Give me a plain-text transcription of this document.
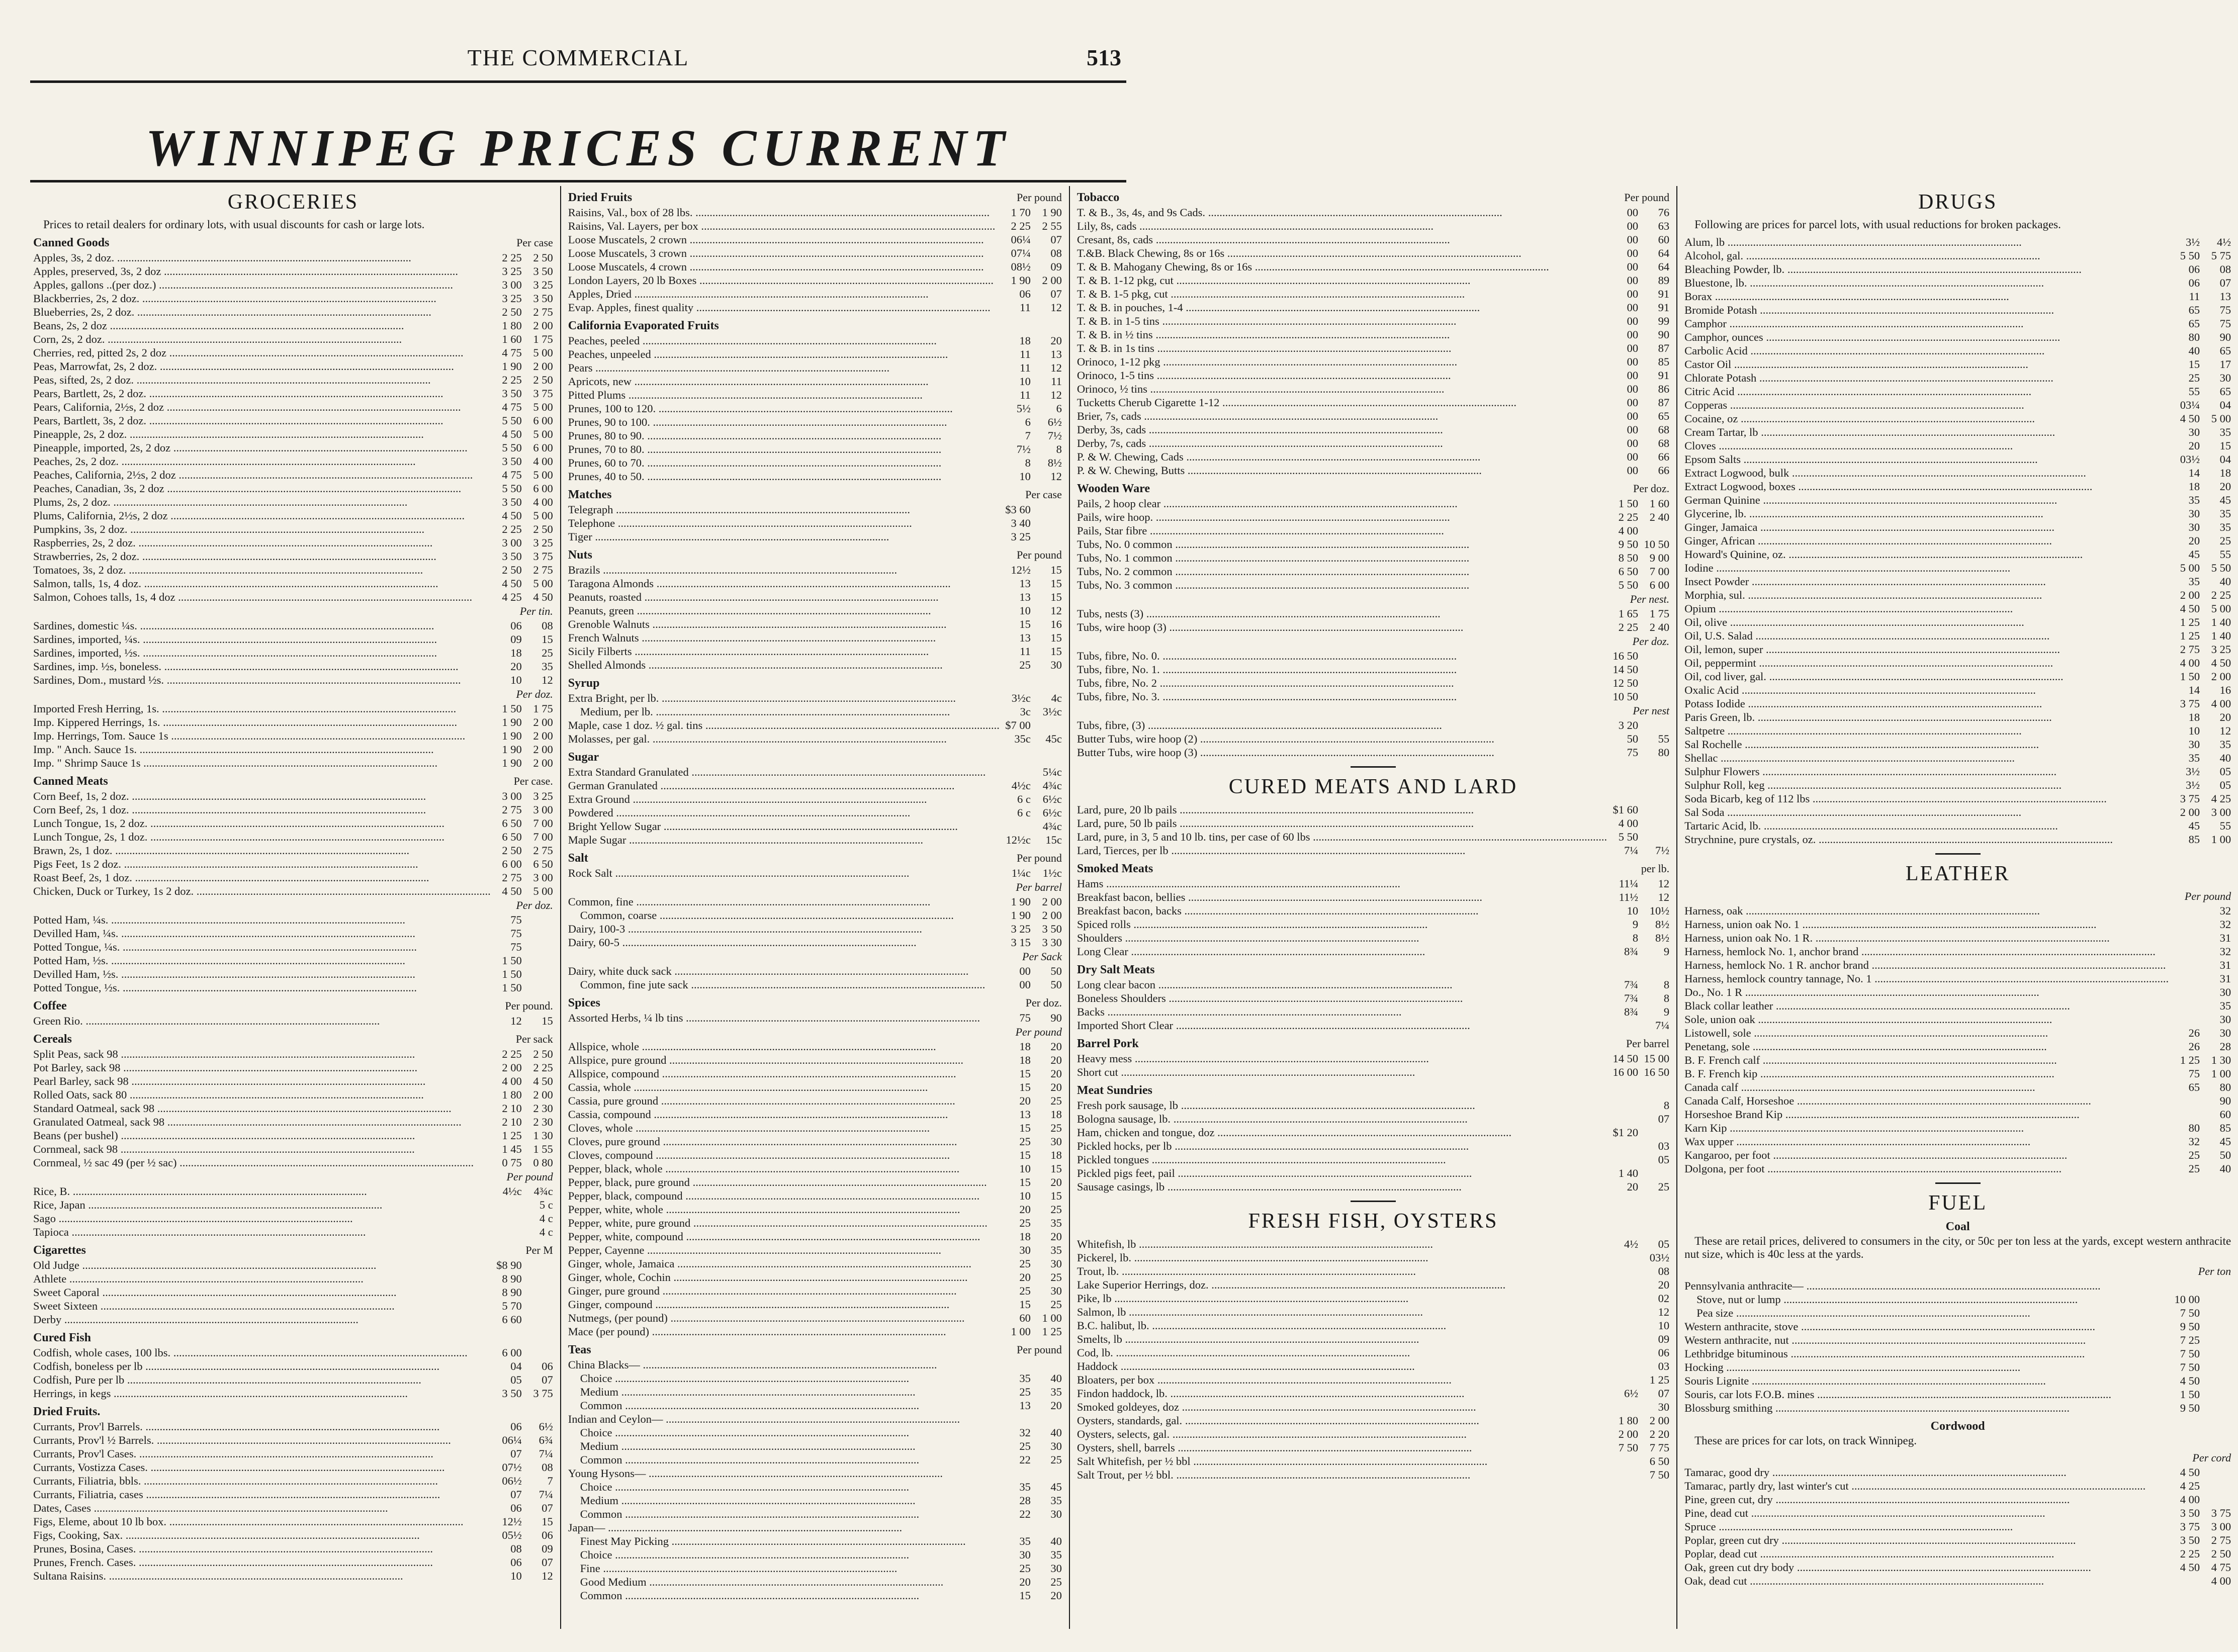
THE COMMERCIAL	513
WINNIPEG PRICES CURRENT
GROCERIES

Prices to retail dealers for ordinary lots, with usual discounts for cash or large lots.

Canned Goods	Per case
Apples, 3s, 2 doz. .....	2 25	2 50
Apples, preserved, 3s, 2 doz .....	3 25	3 50
Apples, gallons ..(per doz.) .....	3 00	3 25
Blackberries, 2s, 2 doz. .....	3 25	3 50
Blueberries, 2s, 2 doz. .....	2 50	2 75
Beans, 2s, 2 doz .....	1 80	2 00
Corn, 2s, 2 doz. .....	1 60	1 75
Cherries, red, pitted 2s, 2 doz .....	4 75	5 00
Peas, Marrowfat, 2s, 2 doz. .....	1 90	2 00
Peas, sifted, 2s, 2 doz. .....	2 25	2 50
Pears, Bartlett, 2s, 2 doz. .....	3 50	3 75
Pears, California, 2½s, 2 doz .....	4 75	5 00
Pears, Bartlett, 3s, 2 doz. .....	5 50	6 00
Pineapple, 2s, 2 doz. .....	4 50	5 00
Pineapple, imported, 2s, 2 doz .....	5 50	6 00
Peaches, 2s, 2 doz. .....	3 50	4 00
Peaches, California, 2½s, 2 doz .....	4 75	5 00
Peaches, Canadian, 3s, 2 doz .....	5 50	6 00
Plums, 2s, 2 doz. .....	3 50	4 00
Plums, California, 2½s, 2 doz .....	4 50	5 00
Pumpkins, 3s, 2 doz. .....	2 25	2 50
Raspberries, 2s, 2 doz. .....	3 00	3 25
Strawberries, 2s, 2 doz. .....	3 50	3 75
Tomatoes, 3s, 2 doz. .....	2 50	2 75
Salmon, talls, 1s, 4 doz. .....	4 50	5 00
Salmon, Cohoes talls, 1s, 4 doz .....	4 25	4 50
Per tin.
Sardines, domestic ¼s. .....	06	08
Sardines, imported, ¼s. .....	09	15
Sardines, imported, ½s. .....	18	25
Sardines, imp. ½s, boneless. .....	20	35
Sardines, Dom., mustard ½s. .....	10	12
Per doz.
Imported Fresh Herring, 1s. .....	1 50	1 75
Imp. Kippered Herrings, 1s. .....	1 90	2 00
Imp. Herrings, Tom. Sauce 1s .....	1 90	2 00
Imp. " Anch. Sauce 1s. .....	1 90	2 00
Imp. " Shrimp Sauce 1s .....	1 90	2 00
Canned Meats	Per case.
Corn Beef, 1s, 2 doz. .....	3 00	3 25
Corn Beef, 2s, 1 doz. .....	2 75	3 00
Lunch Tongue, 1s, 2 doz. .....	6 50	7 00
Lunch Tongue, 2s, 1 doz. .....	6 50	7 00
Brawn, 2s, 1 doz. .....	2 50	2 75
Pigs Feet, 1s 2 doz. .....	6 00	6 50
Roast Beef, 2s, 1 doz. .....	2 75	3 00
Chicken, Duck or Turkey, 1s 2 doz. .....	4 50	5 00
Per doz.
Potted Ham, ¼s. .....	75
Devilled Ham, ¼s. .....	75
Potted Tongue, ¼s. .....	75
Potted Ham, ½s. .....	1 50
Devilled Ham, ½s. .....	1 50
Potted Tongue, ½s. .....	1 50
Coffee	Per pound.
Green Rio. .....	12	15
Cereals	Per sack
Split Peas, sack 98 .....	2 25	2 50
Pot Barley, sack 98 .....	2 00	2 25
Pearl Barley, sack 98 .....	4 00	4 50
Rolled Oats, sack 80 .....	1 80	2 00
Standard Oatmeal, sack 98 .....	2 10	2 30
Granulated Oatmeal, sack 98 .....	2 10	2 30
Beans (per bushel) .....	1 25	1 30
Cornmeal, sack 98 .....	1 45	1 55
Cornmeal, ½ sac 49 (per ½ sac) .....	0 75	0 80
Per pound
Rice, B. .....	4½c	4¾c
Rice, Japan .....	5 c
Sago .....	4 c
Tapioca .....	4 c
Cigarettes	Per M
Old Judge .....	$8 90
Athlete .....	8 90
Sweet Caporal .....	8 90
Sweet Sixteen .....	5 70
Derby .....	6 60
Cured Fish
Codfish, whole cases, 100 lbs. .....	6 00
Codfish, boneless per lb .....	04	06
Codfish, Pure per lb .....	05	07
Herrings, in kegs .....	3 50	3 75
Dried Fruits.
Currants, Prov'l Barrels. .....	06	6½
Currants, Prov'l ½ Barrels. .....	06¼	6¾
Currants, Prov'l Cases. .....	07	7¼
Currants, Vostizza Cases. .....	07½	08
Currants, Filiatria, bbls. .....	06½	7
Currants, Filiatria, cases .....	07	7¼
Dates, Cases .....	06	07
Figs, Eleme, about 10 lb box. .....	12½	15
Figs, Cooking, Sax. .....	05½	06
Prunes, Bosina, Cases. .....	08	09
Prunes, French. Cases. .....	06	07
Sultana Raisins. .....	10	12
Dried Fruits	Per pound
Raisins, Val., box of 28 lbs. .....	1 70	1 90
Raisins, Val. Layers, per box .....	2 25	2 55
Loose Muscatels, 2 crown .....	06¼	07
Loose Muscatels, 3 crown .....	07¼	08
Loose Muscatels, 4 crown .....	08½	09
London Layers, 20 lb Boxes .....	1 90	2 00
Apples, Dried .....	06	07
Evap. Apples, finest quality .....	11	12
California Evaporated Fruits
Peaches, peeled .....	18	20
Peaches, unpeeled .....	11	13
Pears .....	11	12
Apricots, new .....	10	11
Pitted Plums .....	11	12
Prunes, 100 to 120. .....	5½	6
Prunes, 90 to 100. .....	6	6½
Prunes, 80 to 90. .....	7	7½
Prunes, 70 to 80. .....	7½	8
Prunes, 60 to 70. .....	8	8½
Prunes, 40 to 50. .....	10	12
Matches	Per case
Telegraph .....	$3 60
Telephone .....	3 40
Tiger .....	3 25
Nuts	Per pound
Brazils .....	12½	15
Taragona Almonds .....	13	15
Peanuts, roasted .....	13	15
Peanuts, green .....	10	12
Grenoble Walnuts .....	15	16
French Walnuts .....	13	15
Sicily Filberts .....	11	15
Shelled Almonds .....	25	30
Syrup
Extra Bright, per lb. .....	3½c	4c
Medium, per lb. .....	3c	3½c
Maple, case 1 doz. ½ gal. tins .....	$7 00
Molasses, per gal. .....	35c	45c
Sugar
Extra Standard Granulated .....	5¼c
German Granulated .....	4½c	4¾c
Extra Ground .....	6 c	6½c
Powdered .....	6 c	6½c
Bright Yellow Sugar .....	4¾c
Maple Sugar .....	12½c	15c
Salt	Per pound
Rock Salt .....	1¼c	1½c
Per barrel
Common, fine .....	1 90	2 00
Common, coarse .....	1 90	2 00
Dairy, 100-3 .....	3 25	3 50
Dairy, 60-5 .....	3 15	3 30
Per Sack
Dairy, white duck sack .....	00	50
Common, fine jute sack .....	00	50
Spices	Per doz.
Assorted Herbs, ¼ lb tins .....	75	90
Per pound
Allspice, whole .....	18	20
Allspice, pure ground .....	18	20
Allspice, compound .....	15	20
Cassia, whole .....	15	20
Cassia, pure ground .....	20	25
Cassia, compound .....	13	18
Cloves, whole .....	15	25
Cloves, pure ground .....	25	30
Cloves, compound .....	15	18
Pepper, black, whole .....	10	15
Pepper, black, pure ground .....	15	20
Pepper, black, compound .....	10	15
Pepper, white, whole .....	20	25
Pepper, white, pure ground .....	25	35
Pepper, white, compound .....	18	20
Pepper, Cayenne .....	30	35
Ginger, whole, Jamaica .....	25	30
Ginger, whole, Cochin .....	20	25
Ginger, pure ground .....	25	30
Ginger, compound .....	15	25
Nutmegs, (per pound) .....	60	1 00
Mace (per pound) .....	1 00	1 25
Teas	Per pound
China Blacks— .....
Choice .....	35	40
Medium .....	25	35
Common .....	13	20
Indian and Ceylon— .....
Choice .....	32	40
Medium .....	25	30
Common .....	22	25
Young Hysons— .....
Choice .....	35	45
Medium .....	28	35
Common .....	22	30
Japan— .....
Finest May Picking .....	35	40
Choice .....	30	35
Fine .....	25	30
Good Medium .....	20	25
Common .....	15	20
Tobacco	Per pound
T. & B., 3s, 4s, and 9s Cads. .....	00	76
Lily, 8s, cads .....	00	63
Cresant, 8s, cads .....	00	60
T.&B. Black Chewing, 8s or 16s .....	00	64
T. & B. Mahogany Chewing, 8s or 16s .....	00	64
T. & B. 1-12 pkg, cut .....	00	89
T. & B. 1-5 pkg, cut .....	00	91
T. & B. in pouches, 1-4 .....	00	91
T. & B. in 1-5 tins .....	00	99
T. & B. in ½ tins .....	00	90
T. & B. in 1s tins .....	00	87
Orinoco, 1-12 pkg .....	00	85
Orinoco, 1-5 tins .....	00	91
Orinoco, ½ tins .....	00	86
Tucketts Cherub Cigarette 1-12 .....	00	87
Brier, 7s, cads .....	00	65
Derby, 3s, cads .....	00	68
Derby, 7s, cads .....	00	68
P. & W. Chewing, Cads .....	00	66
P. & W. Chewing, Butts .....	00	66
Wooden Ware	Per doz.
Pails, 2 hoop clear .....	1 50	1 60
Pails, wire hoop. .....	2 25	2 40
Pails, Star fibre .....	4 00
Tubs, No. 0 common .....	9 50 10 50
Tubs, No. 1 common .....	8 50	9 00
Tubs, No. 2 common .....	6 50	7 00
Tubs, No. 3 common .....	5 50	6 00
Per nest.
Tubs, nests (3) .....	1 65	1 75
Tubs, wire hoop (3) .....	2 25	2 40
Per doz.
Tubs, fibre, No. 0. .....	16 50
Tubs, fibre, No. 1. .....	14 50
Tubs, fibre, No. 2 .....	12 50
Tubs, fibre, No. 3. .....	10 50
Per nest
Tubs, fibre, (3) .....	3 20
Butter Tubs, wire hoop (2) .....	50	55
Butter Tubs, wire hoop (3) .....	75	80
CURED MEATS AND LARD
Lard, pure, 20 lb pails .....	$1 60
Lard, pure, 50 lb pails .....	4 00
Lard, pure, in 3, 5 and 10 lb. tins, per case of 60 lbs .....	5 50
Lard, Tierces, per lb .....	7¼	7½
Smoked Meats	per lb.
Hams .....	11¼	12
Breakfast bacon, bellies .....	11½	12
Breakfast bacon, backs .....	10	10½
Spiced rolls .....	9	8½
Shoulders .....	8	8½
Long Clear .....	8¾	9
Dry Salt Meats
Long clear bacon .....	7¾	8
Boneless Shoulders .....	7¾	8
Backs .....	8¾	9
Imported Short Clear .....	7¼
Barrel Pork	Per barrel
Heavy mess .....	14 50 15 00
Short cut .....	16 00 16 50
Meat Sundries
Fresh pork sausage, lb .....	8
Bologna sausage, lb. .....	07
Ham, chicken and tongue, doz .....	$1 20
Pickled hocks, per lb .....	03
Pickled tongues .....	05
Pickled pigs feet, pail .....	1 40
Sausage casings, lb .....	20	25
FRESH FISH, OYSTERS
Whitefish, lb .....	4½	05
Pickerel, lb. .....	03½
Trout, lb. .....	08
Lake Superior Herrings, doz. .....	20
Pike, lb .....	02
Salmon, lb .....	12
B.C. halibut, lb. .....	10
Smelts, lb .....	09
Cod, lb. .....	06
Haddock .....	03
Bloaters, per box .....	1 25
Findon haddock, lb. .....	6½	07
Smoked goldeyes, doz .....	30
Oysters, standards, gal. .....	1 80	2 00
Oysters, selects, gal. .....	2 00	2 20
Oysters, shell, barrels .....	7 50	7 75
Salt Whitefish, per ½ bbl .....	6 50
Salt Trout, per ½ bbl. .....	7 50
DRUGS

Following are prices for parcel lots, with usual reductions for broken packages.

Alum, lb .....	3½	4½
Alcohol, gal. .....	5 50	5 75
Bleaching Powder, lb. .....	06	08
Bluestone, lb. .....	06	07
Borax .....	11	13
Bromide Potash .....	65	75
Camphor .....	65	75
Camphor, ounces .....	80	90
Carbolic Acid .....	40	65
Castor Oil .....	15	17
Chlorate Potash .....	25	30
Citric Acid .....	55	65
Copperas .....	03¼	04
Cocaine, oz .....	4 50	5 00
Cream Tartar, lb .....	30	35
Cloves .....	20	15
Epsom Salts .....	03½	04
Extract Logwood, bulk .....	14	18
Extract Logwood, boxes .....	18	20
German Quinine .....	35	45
Glycerine, lb. .....	30	35
Ginger, Jamaica .....	30	35
Ginger, African .....	20	25
Howard's Quinine, oz. .....	45	55
Iodine .....	5 00	5 50
Insect Powder .....	35	40
Morphia, sul. .....	2 00	2 25
Opium .....	4 50	5 00
Oil, olive .....	1 25	1 40
Oil, U.S. Salad .....	1 25	1 40
Oil, lemon, super .....	2 75	3 25
Oil, peppermint .....	4 00	4 50
Oil, cod liver, gal. .....	1 50	2 00
Oxalic Acid .....	14	16
Potass Iodide .....	3 75	4 00
Paris Green, lb. .....	18	20
Saltpetre .....	10	12
Sal Rochelle .....	30	35
Shellac .....	35	40
Sulphur Flowers .....	3½	05
Sulphur Roll, keg .....	3½	05
Soda Bicarb, keg of 112 lbs .....	3 75	4 25
Sal Soda .....	2 00	3 00
Tartaric Acid, lb. .....	45	55
Strychnine, pure crystals, oz. .....	85	1 00
LEATHER
Per pound
Harness, oak .....	32
Harness, union oak No. 1 .....	32
Harness, union oak No. 1 R. .....	31
Harness, hemlock No. 1, anchor brand .....	32
Harness, hemlock No. 1 R. anchor brand .....	31
Harness, hemlock country tannage, No. 1 .....	31
Do., No. 1 R .....	30
Black collar leather .....	35
Sole, union oak .....	30
Listowell, sole .....	26	30
Penetang, sole .....	26	28
B. F. French calf .....	1 25	1 30
B. F. French kip .....	75	1 00
Canada calf .....	65	80
Canada Calf, Horseshoe .....	90
Horseshoe Brand Kip .....	60
Karn Kip .....	80	85
Wax upper .....	32	45
Kangaroo, per foot .....	25	50
Dolgona, per foot .....	25	40
FUEL
Coal

These are retail prices, delivered to consumers in the city, or 50c per ton less at the yards, except western anthracite nut size, which is 40c less at the yards.

Per ton
Pennsylvania anthracite— .....
Stove, nut or lump .....	10 00
Pea size .....	7 50
Western anthracite, stove .....	9 50
Western anthracite, nut .....	7 25
Lethbridge bituminous .....	7 50
Hocking .....	7 50
Souris Lignite .....	4 50
Souris, car lots F.O.B. mines .....	1 50
Blossburg smithing .....	9 50
Cordwood

These are prices for car lots, on track Winnipeg.

Per cord
Tamarac, good dry .....	4 50
Tamarac, partly dry, last winter's cut .....	4 25
Pine, green cut, dry .....	4 00
Pine, dead cut .....	3 50	3 75
Spruce .....	3 75	3 00
Poplar, green cut dry .....	3 50	2 75
Poplar, dead cut .....	2 25	2 50
Oak, green cut dry body .....	4 50	4 75
Oak, dead cut .....	4 00
